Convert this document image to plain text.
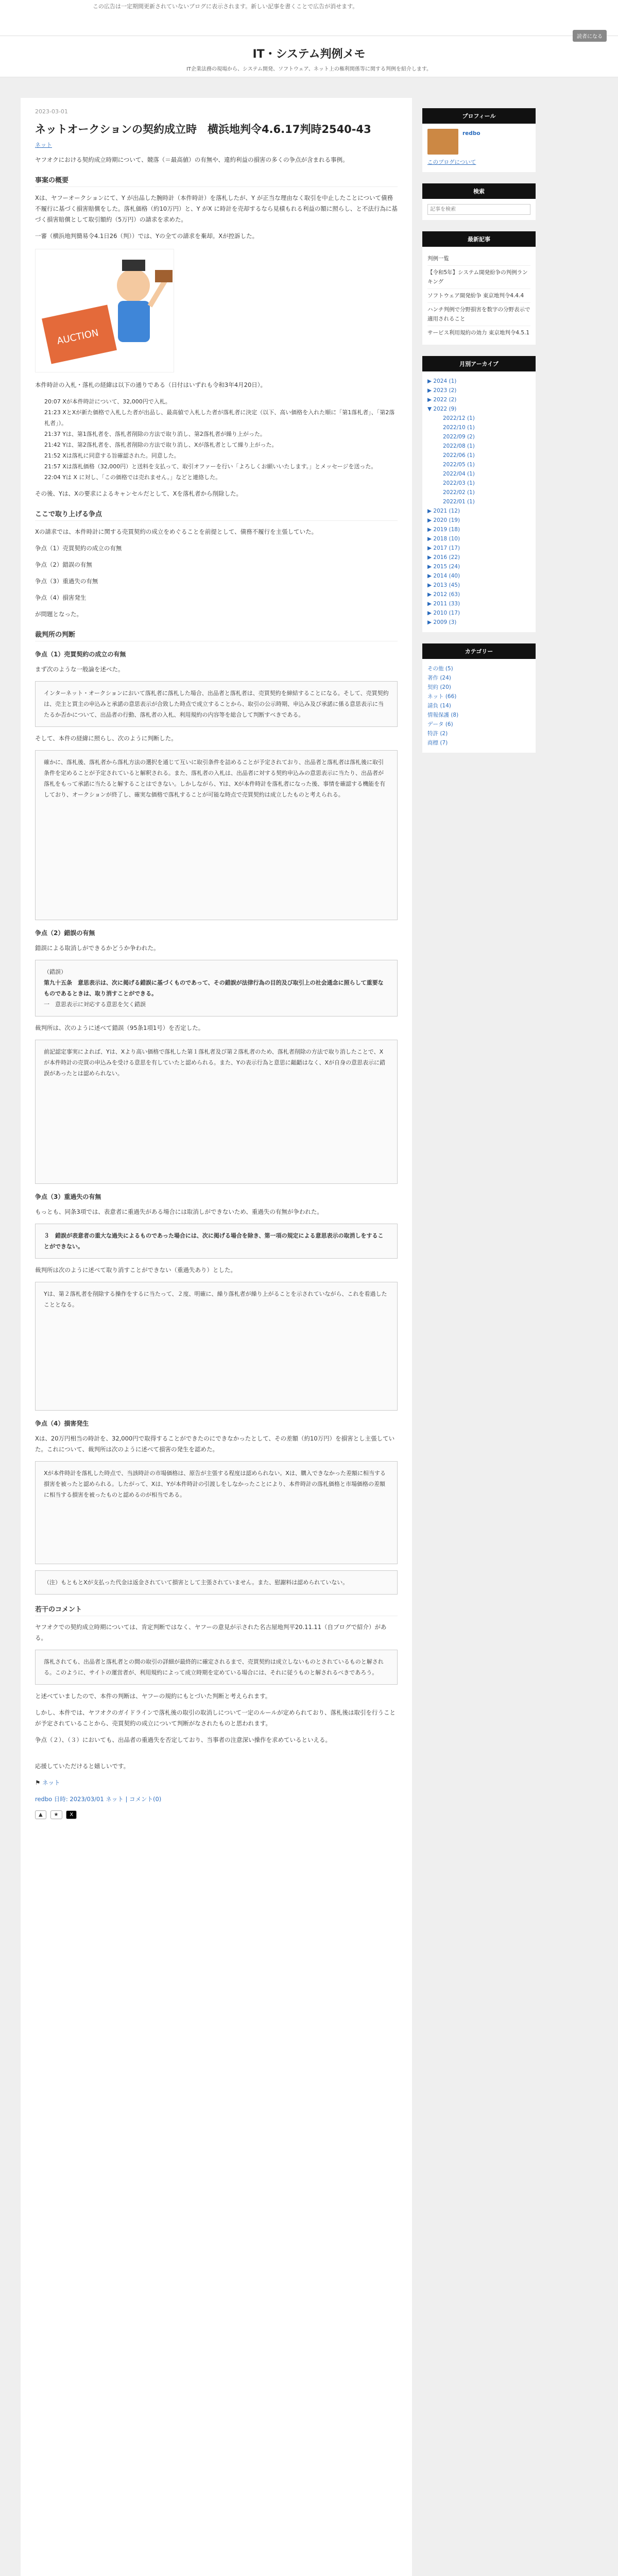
この広告は一定期間更新されていないブログに表示されます。新しい記事を書くことで広告が消せます。
読者になる
IT・システム判例メモ
IT企業法務の現場から、システム開発、ソフトウェア、ネット上の権利関係等に関する判例を紹介します。
2023-03-01
ネットオークションの契約成立時　横浜地判令4.6.17判時2540-43
ネット
ヤフオクにおける契約成立時期について、競落（＝最高値）の有無や、違約利益の損害の多くの争点が含まれる事例。
事案の概要
Xは、ヤフーオークションにて、Y が出品した腕時計（本件時計）を落札したが、Y が正当な理由なく取引を中止したことについて債務不履行に基づく損害賠償をした。落札価格（約10万円）と、Y がX に時計を売却するなら見積もれる利益の額に照らし、と不法行為に基づく損害賠償として取引額約（5万円）の請求を求めた。
一審（横浜地判簡易令4.1日26（判））では、Yの全ての請求を棄却。Xが控訴した。
AUCTION
本件時計の入札・落札の経緯は以下の通りである（日付はいずれも令和3年4月20日）。
20:07 Xが本件時計について、32,000円で入札。
21:23 XとXが新た価格で入札した者が出品し、最高値で入札した者が落札者に決定（以下、高い価格を入れた順に「第1落札者」、「第2落札者」）。
21:37 Yは、第1落札者を、落札者削除の方法で取り消し、第2落札者が繰り上がった。
21:42 Yは、第2落札者を、落札者削除の方法で取り消し、Xが落札者として繰り上がった。
21:52 Xは落札に同意する旨確認された。同意した。
21:57 Xは落札価格（32,000円）と送料を支払って、取引オファーを行い「よろしくお願いいたします。」とメッセージを送った。
22:04 Yは X に対し、「この価格では売れません。」などと連絡した。
その後、Yは、Xの要求によるキャンセルだとして、Xを落札者から削除した。
ここで取り上げる争点
Xの請求では、本件時計に関する売買契約の成立をめぐることを前提として、債務不履行を主張していた。
争点（1）売買契約の成立の有無
争点（2）錯誤の有無
争点（3）重過失の有無
争点（4）損害発生
が問題となった。
裁判所の判断
争点（1）売買契約の成立の有無
まず次のような一般論を述べた。
インターネット・オークションにおいて落札者に落札した場合、出品者と落札者は、売買契約を締結することになる。そして、売買契約は、売主と買主の申込みと承諾の意思表示が合致した時点で成立することから、取引の公示時期、申込み及び承諾に係る意思表示に当たるか否かについて、出品者の行動、落札者の入札、利用規約の内容等を総合して判断すべきである。
そして、本件の経緯に照らし、次のように判断した。
確かに、落札後、落札者から落札方法の選択を通じて互いに取引条件を詰めることが予定されており、出品者と落札者は落札後に取引条件を定めることが予定されていると解釈される。また、落札者の入札は、出品者に対する契約申込みの意思表示に当たり、出品者が落札をもって承諾に当たると解することはできない。しかしながら、Yは、Xが本件時計を落札者になった後、事情を確認する機能を有しており、オークションが終了し、確実な価格で落札することが可能な時点で売買契約は成立したものと考えられる。
争点（2）錯誤の有無
錯誤による取消しができるかどうか争われた。
（錯誤）
第九十五条　意思表示は、次に掲げる錯誤に基づくものであって、その錯誤が法律行為の目的及び取引上の社会通念に照らして重要なものであるときは、取り消すことができる。
一　意思表示に対応する意思を欠く錯誤
裁判所は、次のように述べて錯誤（95条1項1号）を否定した。
前記認定事実によれば、Yは、Xより高い価格で落札した第１落札者及び第２落札者のため、落札者削除の方法で取り消したことで、Xが本件時計の売買の申込みを受ける意思を有していたと認められる。また、Yの表示行為と意思に齟齬はなく、Xが自身の意思表示に錯誤があったとは認められない。
争点（3）重過失の有無
もっとも、同条3項では、表意者に重過失がある場合には取消しができないため、重過失の有無が争われた。
３　錯誤が表意者の重大な過失によるものであった場合には、次に掲げる場合を除き、第一項の規定による意思表示の取消しをすることができない。
裁判所は次のように述べて取り消すことができない（重過失あり）とした。
Yは、第２落札者を削除する操作をするに当たって、２度、明確に、繰り落札者が繰り上がることを示されていながら、これを看過したこととなる。
争点（4）損害発生
Xは、20万円相当の時計を、32,000円で取得することができたのにできなかったとして、その差額（約10万円）を損害とし主張していた。これについて、裁判所は次のように述べて損害の発生を認めた。
Xが本件時計を落札した時点で、当該時計の市場価格は、原告が主張する程度は認められない。Xは、購入できなかった差額に相当する損害を被ったと認められる。したがって、Xは、Yが本件時計の引渡しをしなかったことにより、本件時計の落札価格と市場価格の差額に相当する損害を被ったものと認めるのが相当である。
（注）もともとXが支払った代金は返金されていて損害として主張されていません。また、慰謝料は認められていない。
若干のコメント
ヤフオクでの契約成立時期については、肯定判断ではなく、ヤフーの意見が示された名古屋地判平20.11.11（自ブログで紹介）がある。
落札されても、出品者と落札者との間の取引の詳細が最終的に確定されるまで、売買契約は成立しないものとされているものと解される。このように、サイトの運営者が、利用規約によって成立時期を定めている場合には、それに従うものと解されるべきであろう。
と述べていましたので、本件の判断は、ヤフーの規約にもとづいた判断と考えられます。
しかし、本件では、ヤフオクのガイドラインで落札後の取引の取消しについて一定のルールが定められており、落札後は取引を行うことが予定されていることから、売買契約の成立について判断がなされたものと思われます。
争点（２）、（３）においても、出品者の重過失を否定しており、当事者の注意深い操作を求めているといえる。
応援していただけると嬉しいです。
⚑ ネット
redbo 日時: 2023/03/01 ネット | コメント(0)
▲ ★ X
プロフィール
redbo
このブログについて
検索
記事を検索
最新記事
判例一覧
【令和5年】システム開発紛争の判例ランキング
ソフトウェア開発紛争 東京地判令4.4.4
ハンチ判例で分野損害を数字の分野表示で適用されること
サービス利用規約の効力 東京地判令4.5.1
月別アーカイブ
▶ 2024 (1)
▶ 2023 (2)
▶ 2022 (2)
▼ 2022 (9)
2022/12 (1)
2022/10 (1)
2022/09 (2)
2022/08 (1)
2022/06 (1)
2022/05 (1)
2022/04 (1)
2022/03 (1)
2022/02 (1)
2022/01 (1)
▶ 2021 (12)
▶ 2020 (19)
▶ 2019 (18)
▶ 2018 (10)
▶ 2017 (17)
▶ 2016 (22)
▶ 2015 (24)
▶ 2014 (40)
▶ 2013 (45)
▶ 2012 (63)
▶ 2011 (33)
▶ 2010 (17)
▶ 2009 (3)
カテゴリー
その他 (5)
著作 (24)
契約 (20)
ネット (66)
請負 (14)
情報保護 (8)
データ (6)
特許 (2)
商標 (7)
